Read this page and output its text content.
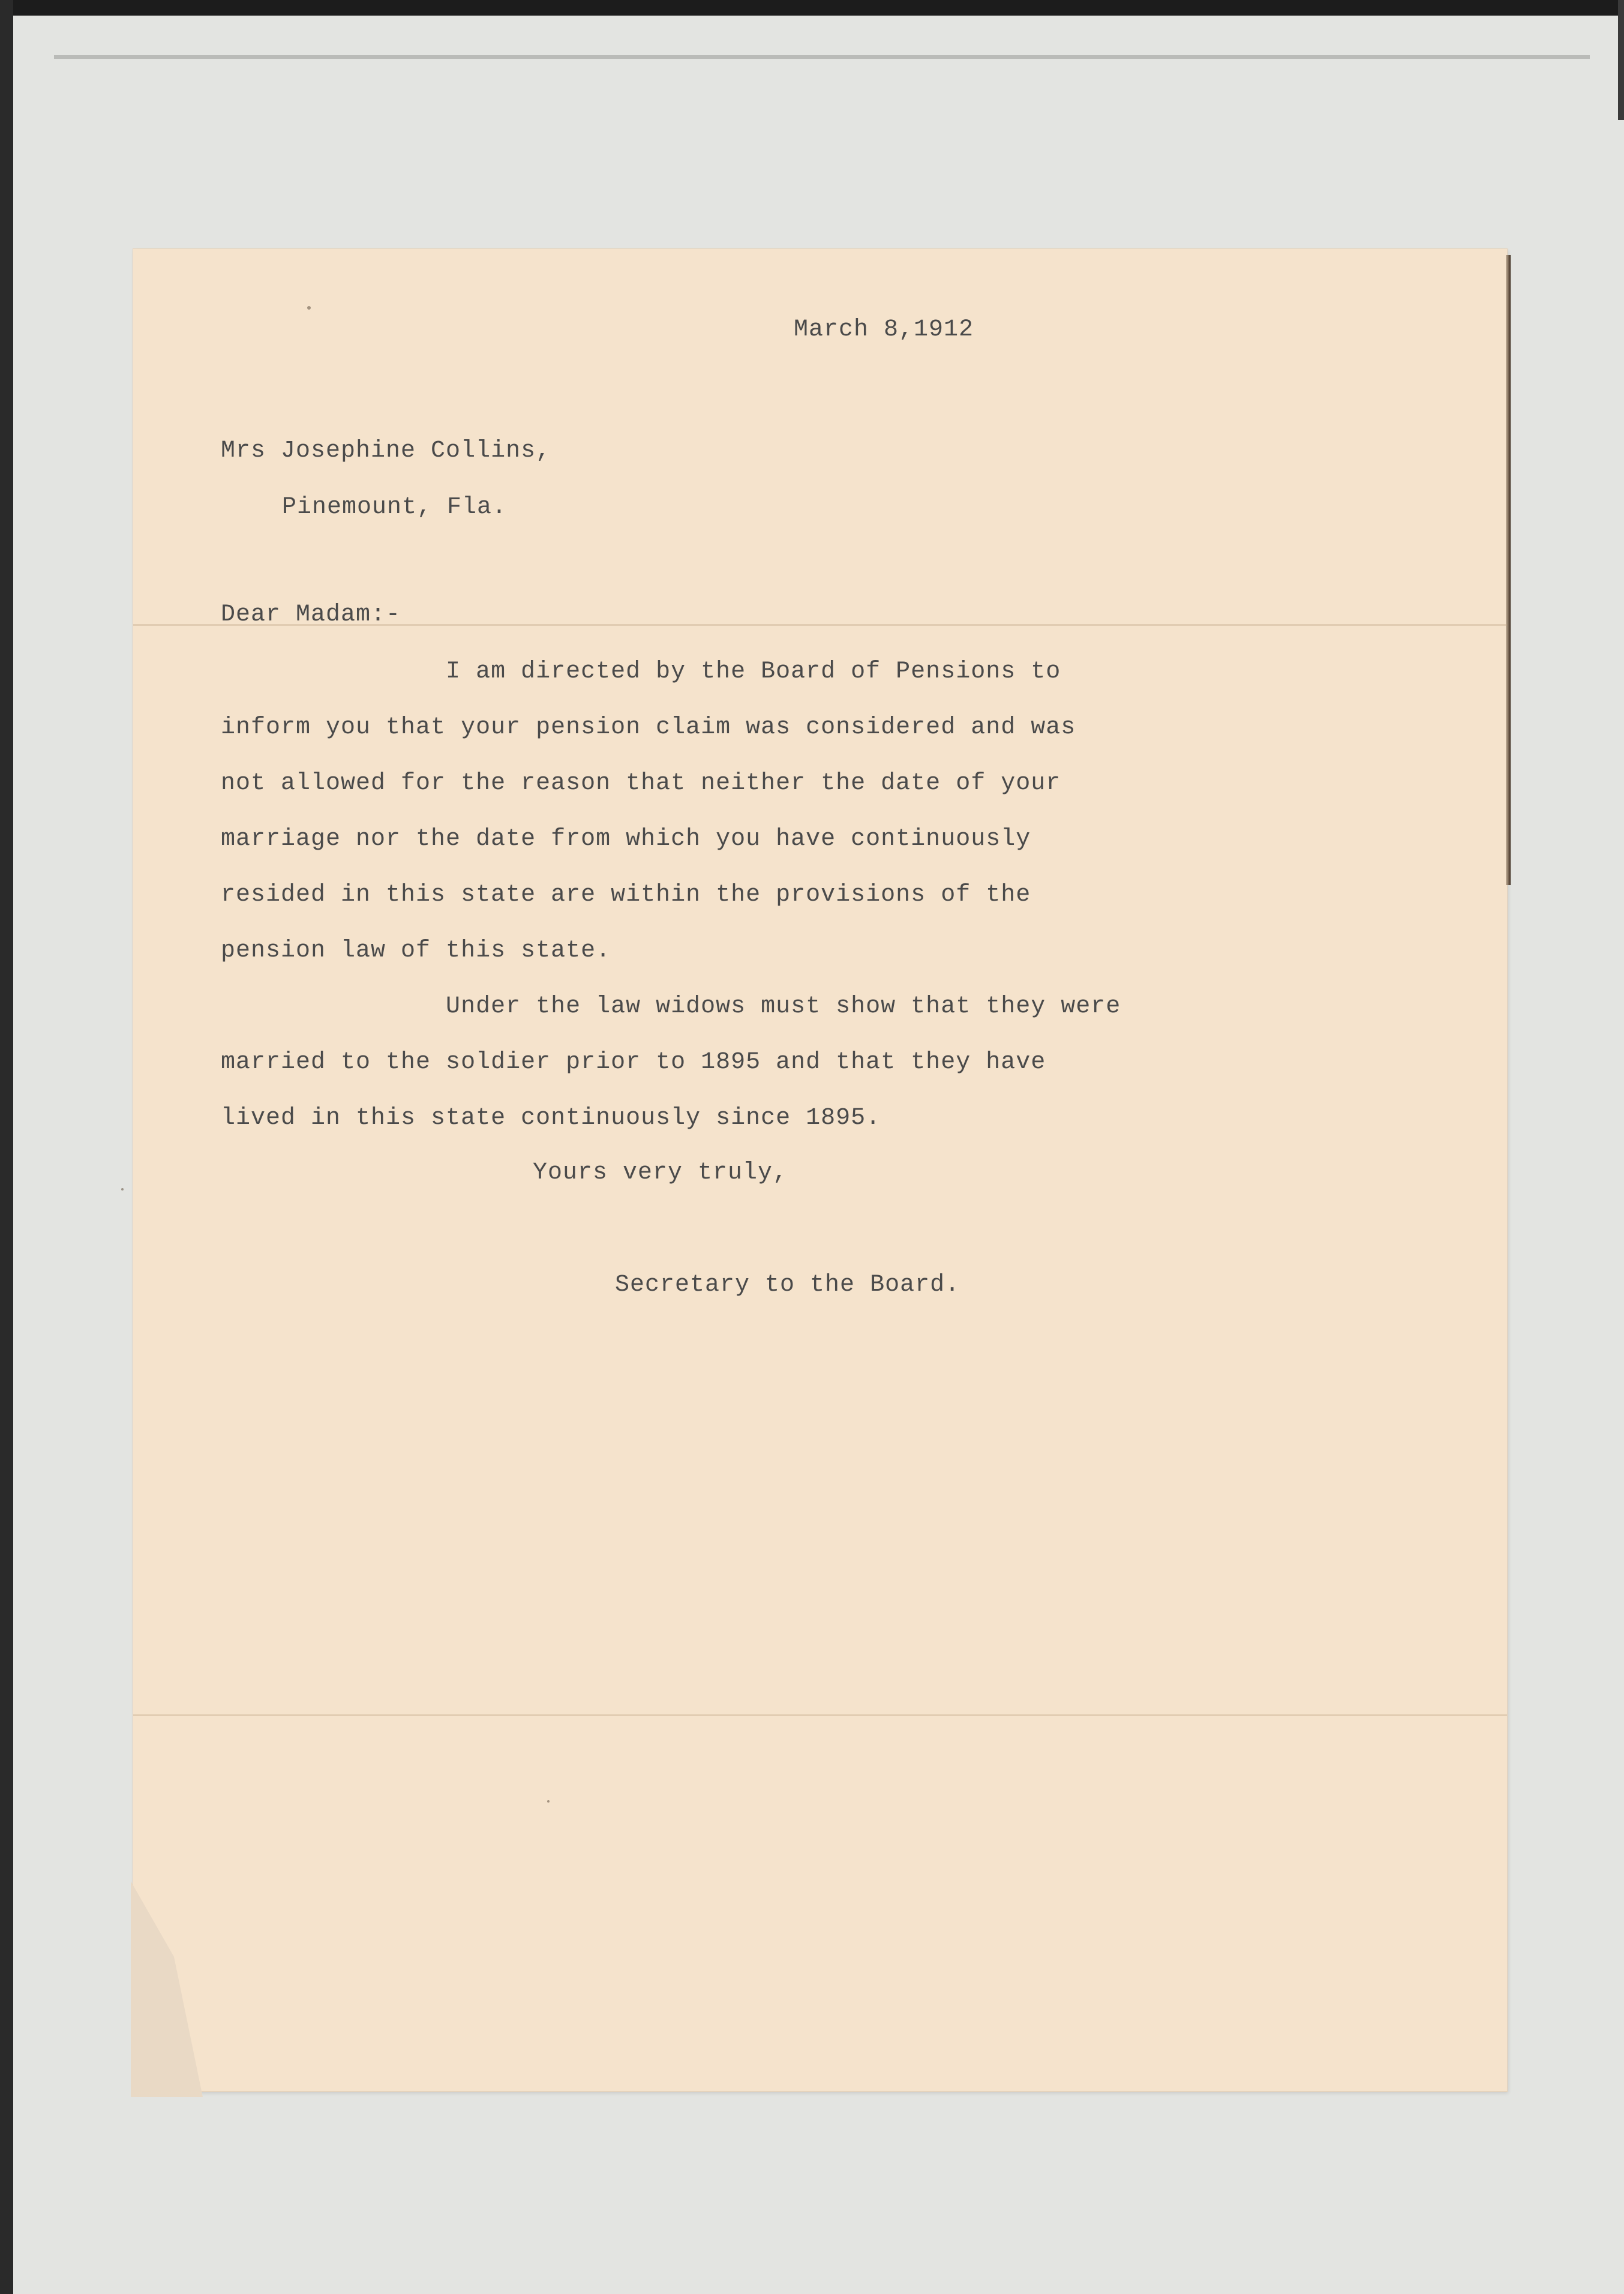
March 8,1912
Mrs Josephine Collins,
Pinemount, Fla.
Dear Madam:-
I am directed by the Board of Pensions to
inform you that your pension claim was considered and was
not allowed for the reason that neither the date of your
marriage nor the date from which you have continuously
resided in this state are within the provisions of the
pension law of this state.
Under the law widows must show that they were
married to the soldier prior to 1895 and that they have
lived in this state continuously since 1895.
Yours very truly,
Secretary to the Board.
